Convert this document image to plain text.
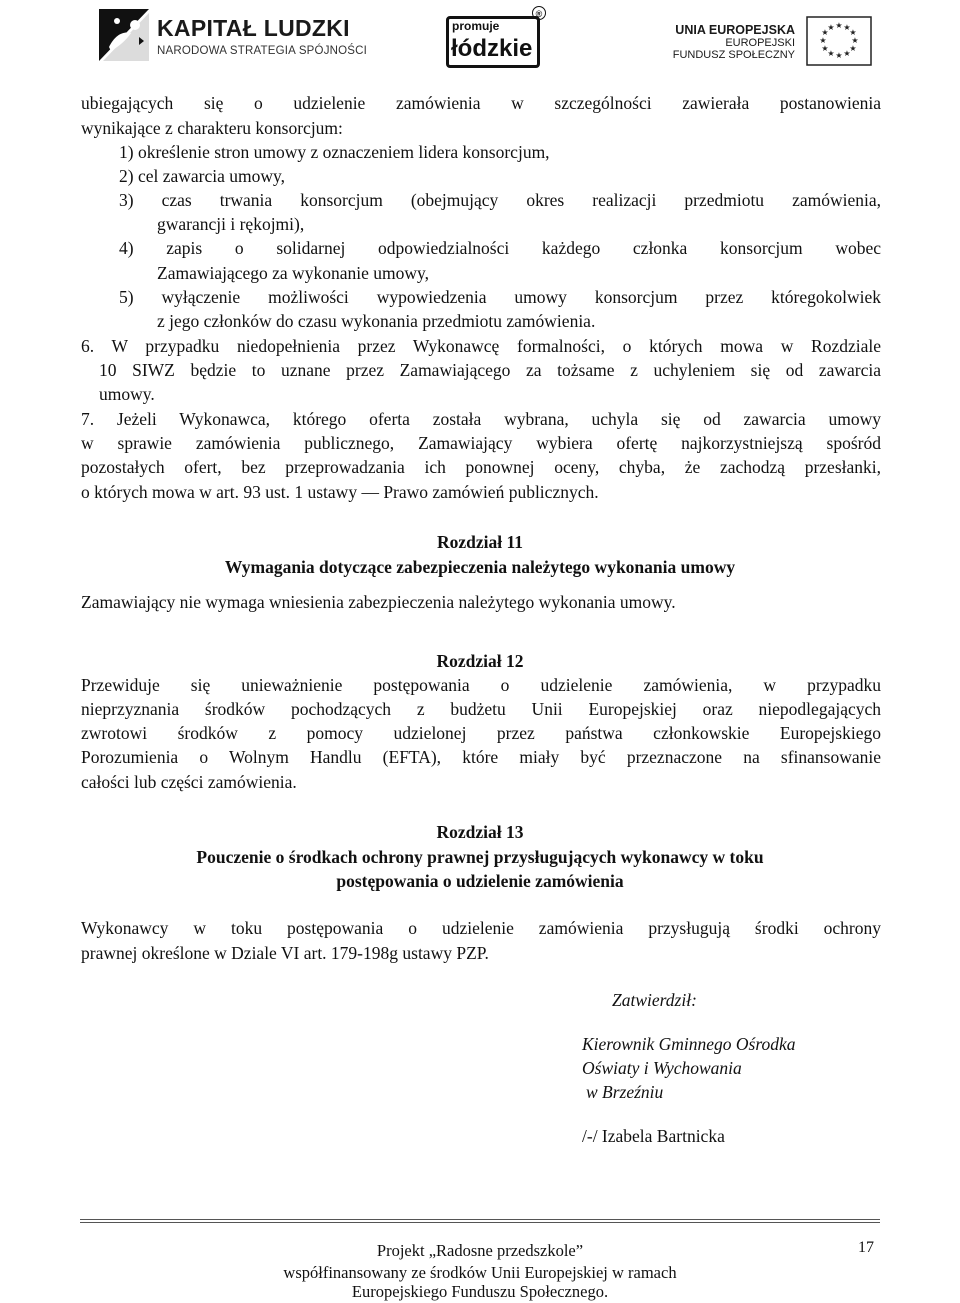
KAPITAŁ LUDZKI
NARODOWA STRATEGIA SPÓJNOŚCI
promuje
łódzkie
®
UNIA EUROPEJSKA
EUROPEJSKI
FUNDUSZ SPOŁECZNY
★ ★
★
★
★
★
★
★
★
★
★
★
ubiegających się o udzielenie zamówienia w szczególności zawierała postanowienia
wynikające z charakteru konsorcjum:
1) określenie stron umowy z oznaczeniem lidera konsorcjum,
2) cel zawarcia umowy,
3) czas trwania konsorcjum (obejmujący okres realizacji przedmiotu zamówienia,
gwarancji i rękojmi),
4) zapis o solidarnej odpowiedzialności każdego członka konsorcjum wobec
Zamawiającego za wykonanie umowy,
5) wyłączenie możliwości wypowiedzenia umowy konsorcjum przez któregokolwiek
z jego członków do czasu wykonania przedmiotu zamówienia.
6. W przypadku niedopełnienia przez Wykonawcę formalności, o których mowa w Rozdziale
10 SIWZ będzie to uznane przez Zamawiającego za tożsame z uchyleniem się od zawarcia
umowy.
7. Jeżeli Wykonawca, którego oferta została wybrana, uchyla się od zawarcia umowy
w sprawie zamówienia publicznego, Zamawiający wybiera ofertę najkorzystniejszą spośród
pozostałych ofert, bez przeprowadzania ich ponownej oceny, chyba, że zachodzą przesłanki,
o których mowa w art. 93 ust. 1 ustawy — Prawo zamówień publicznych.
Rozdział 11
Wymagania dotyczące zabezpieczenia należytego wykonania umowy
Zamawiający nie wymaga wniesienia zabezpieczenia należytego wykonania umowy.
Rozdział 12
Przewiduje się unieważnienie postępowania o udzielenie zamówienia, w przypadku
nieprzyznania środków pochodzących z budżetu Unii Europejskiej oraz niepodlegających
zwrotowi środków z pomocy udzielonej przez państwa członkowskie Europejskiego
Porozumienia o Wolnym Handlu (EFTA), które miały być przeznaczone na sfinansowanie
całości lub części zamówienia.
Rozdział 13
Pouczenie o środkach ochrony prawnej przysługujących wykonawcy w toku
postępowania o udzielenie zamówienia
Wykonawcy w toku postępowania o udzielenie zamówienia przysługują środki ochrony
prawnej określone w Dziale VI art. 179-198g ustawy PZP.
Zatwierdził:
Kierownik Gminnego Ośrodka
Oświaty i Wychowania
w Brzeźniu
/-/ Izabela Bartnicka
Projekt „Radosne przedszkole”
współfinansowany ze środków Unii Europejskiej w ramach
Europejskiego Funduszu Społecznego.
17
